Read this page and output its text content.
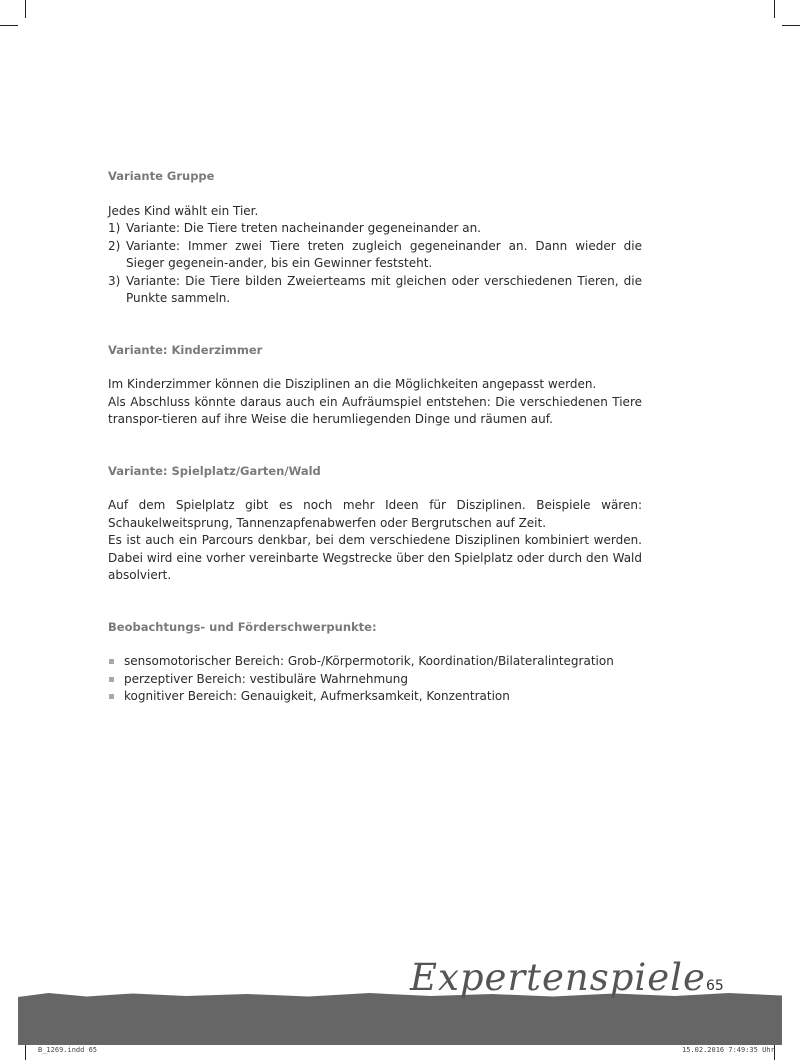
Variante Gruppe

Jedes Kind wählt ein Tier.

1) Variante: Die Tiere treten nacheinander gegeneinander an.
2) Variante: Immer zwei Tiere treten zugleich gegeneinander an. Dann wieder die Sieger gegenein-ander, bis ein Gewinner feststeht.
3) Variante: Die Tiere bilden Zweierteams mit gleichen oder verschiedenen Tieren, die Punkte sammeln.

Variante: Kinderzimmer

Im Kinderzimmer können die Disziplinen an die Möglichkeiten angepasst werden.

Als Abschluss könnte daraus auch ein Aufräumspiel entstehen: Die verschiedenen Tiere transpor-tieren auf ihre Weise die herumliegenden Dinge und räumen auf.

Variante: Spielplatz/Garten/Wald

Auf dem Spielplatz gibt es noch mehr Ideen für Disziplinen. Beispiele wären: Schaukelweitsprung, Tannenzapfenabwerfen oder Bergrutschen auf Zeit.

Es ist auch ein Parcours denkbar, bei dem verschiedene Disziplinen kombiniert werden. Dabei wird eine vorher vereinbarte Wegstrecke über den Spielplatz oder durch den Wald absolviert.

Beobachtungs- und Förderschwerpunkte:

sensomotorischer Bereich: Grob-/Körpermotorik, Koordination/Bilateralintegration
perzeptiver Bereich: vestibuläre Wahrnehmung
kognitiver Bereich: Genauigkeit, Aufmerksamkeit, Konzentration
Expertenspiele 65
B_1269.indd 65	15.02.2016 7:49:35 Uhr
